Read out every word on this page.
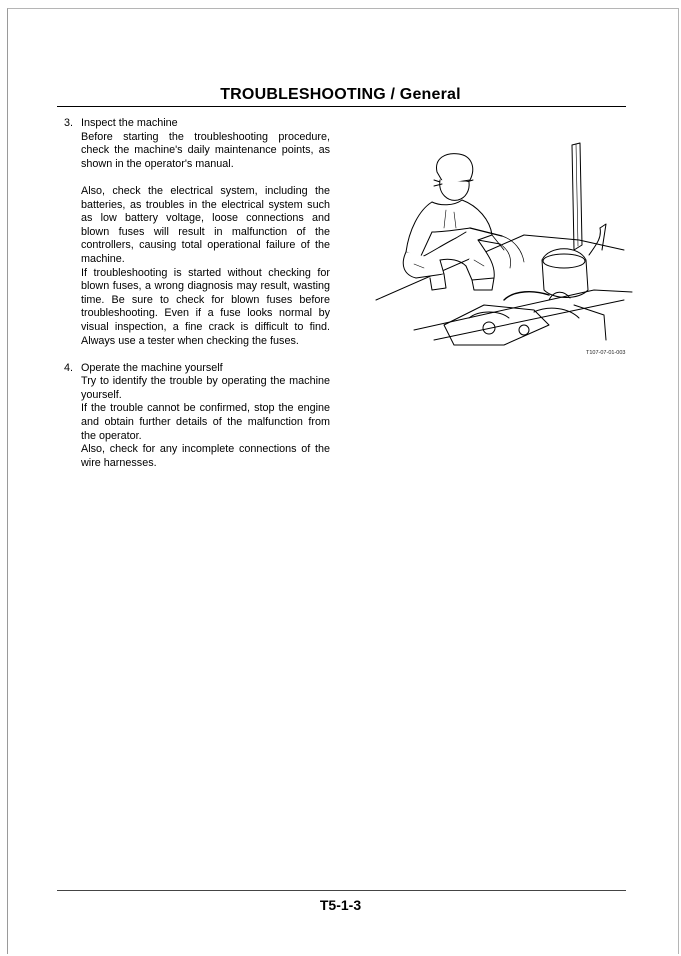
TROUBLESHOOTING / General
3. Inspect the machine
Before starting the troubleshooting procedure, check the machine's daily maintenance points, as shown in the operator's manual.
Also, check the electrical system, including the batteries, as troubles in the electrical system such as low battery voltage, loose connections and blown fuses will result in malfunction of the controllers, causing total operational failure of the machine.
If troubleshooting is started without checking for blown fuses, a wrong diagnosis may result, wasting time. Be sure to check for blown fuses before troubleshooting. Even if a fuse looks normal by visual inspection, a fine crack is difficult to find. Always use a tester when checking the fuses.
4. Operate the machine yourself
Try to identify the trouble by operating the machine yourself.
If the trouble cannot be confirmed, stop the engine and obtain further details of the malfunction from the operator.
Also, check for any incomplete connections of the wire harnesses.
T107-07-01-003
T5-1-3
